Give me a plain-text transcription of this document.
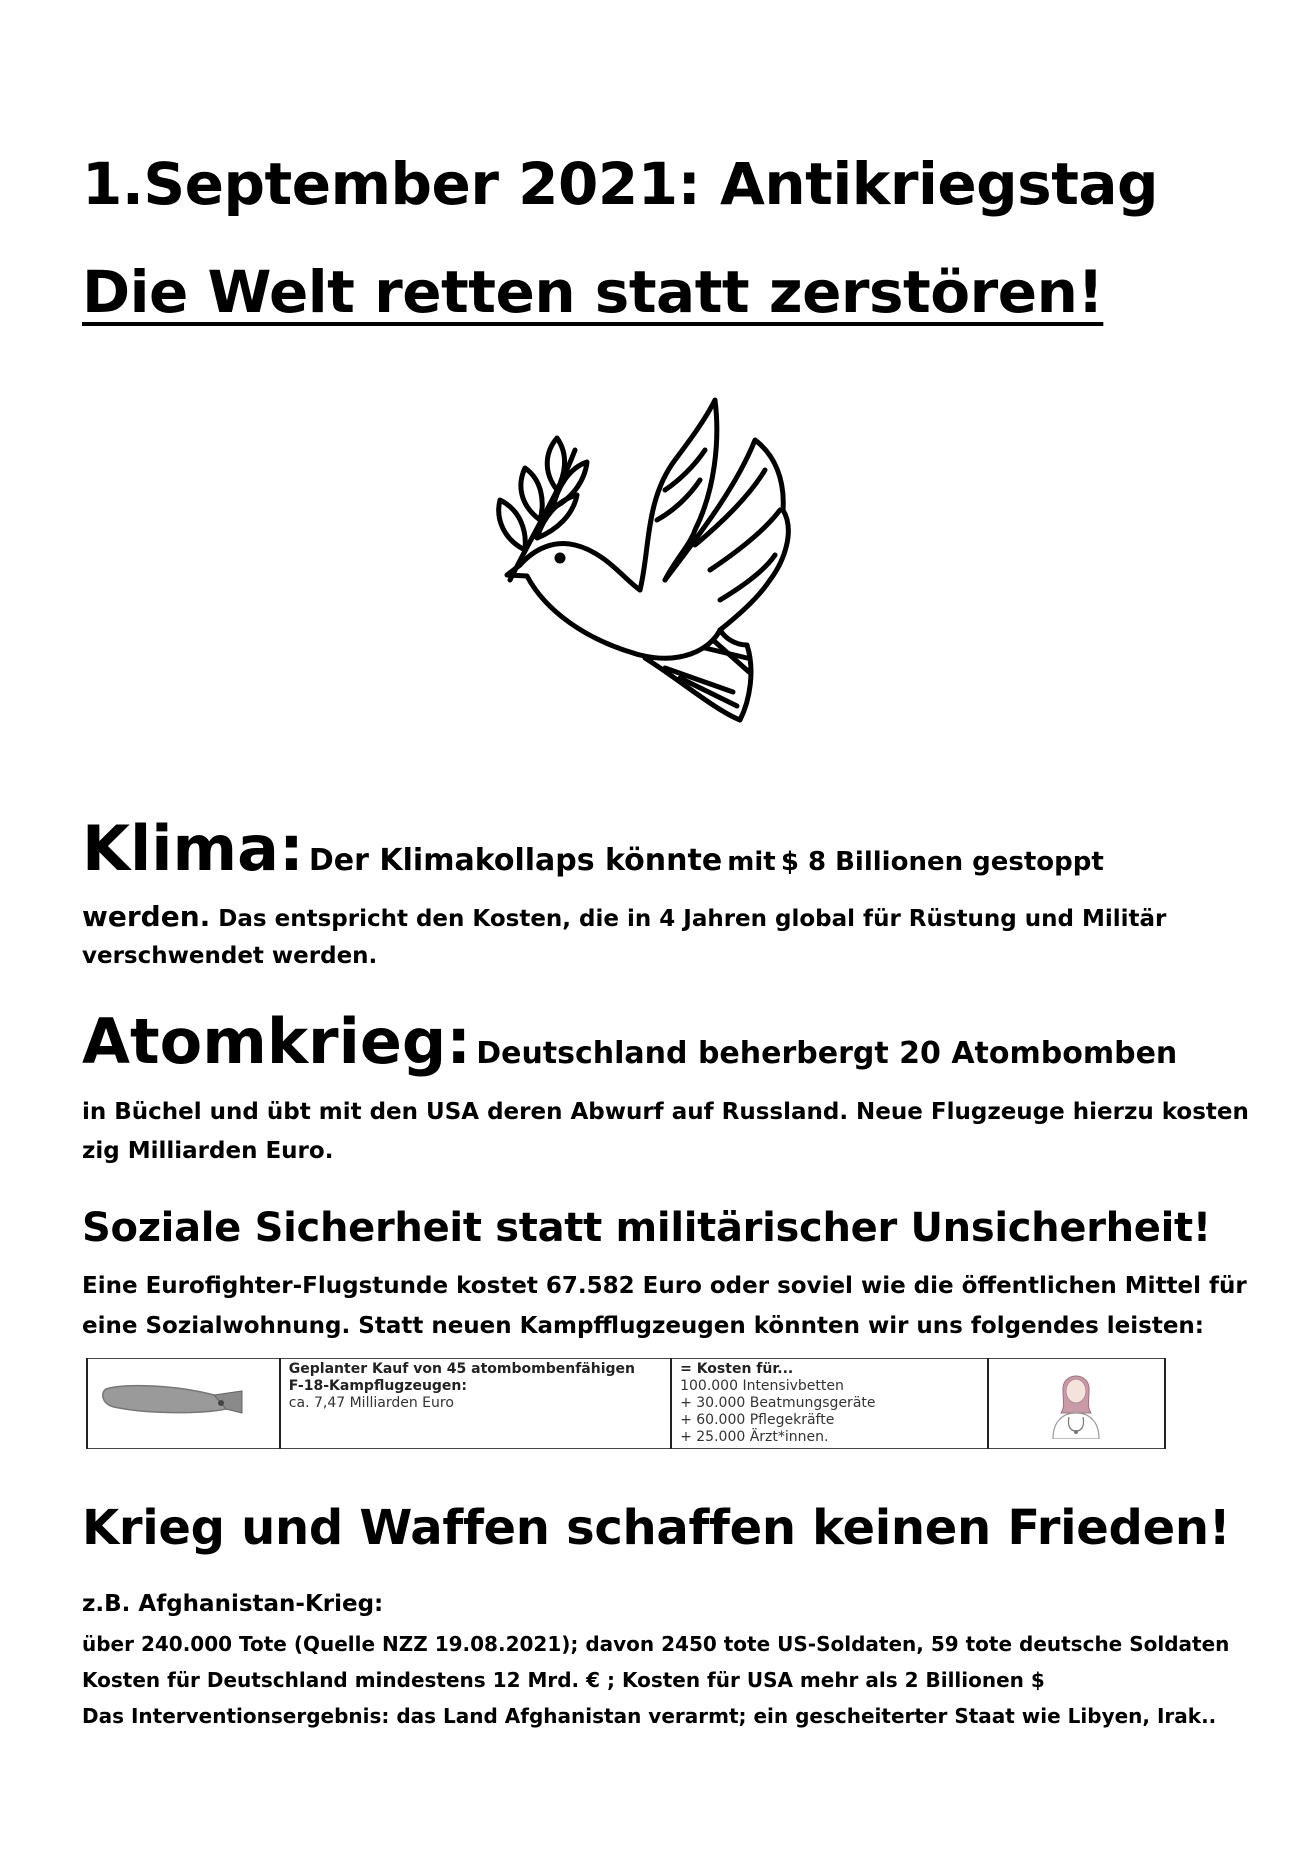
1.September 2021: Antikriegstag
Die Welt retten statt zerstören!
Klima: Der Klimakollaps könnte mit $ 8 Billionen gestoppt
werden. Das entspricht den Kosten, die in 4 Jahren global für Rüstung und Militär
verschwendet werden.
Atomkrieg: Deutschland beherbergt 20 Atombomben
in Büchel und übt mit den USA deren Abwurf auf Russland. Neue Flugzeuge hierzu kosten
zig Milliarden Euro.
Soziale Sicherheit statt militärischer Unsicherheit!
Eine Eurofighter-Flugstunde kostet 67.582 Euro oder soviel wie die öffentlichen Mittel für
eine Sozialwohnung. Statt neuen Kampfflugzeugen könnten wir uns folgendes leisten:

Geplanter Kauf von 45 atombombenfähigen
F-18-Kampflugzeugen:
ca. 7,47 Milliarden Euro

= Kosten für...
100.000 Intensivbetten
+ 30.000 Beatmungsgeräte
+ 60.000 Pflegekräfte
+ 25.000 Ärzt*innen.

Krieg und Waffen schaffen keinen Frieden!
z.B. Afghanistan-Krieg:
über 240.000 Tote (Quelle NZZ 19.08.2021); davon 2450 tote US-Soldaten, 59 tote deutsche Soldaten
Kosten für Deutschland mindestens 12 Mrd. € ; Kosten für USA mehr als 2 Billionen $
Das Interventionsergebnis: das Land Afghanistan verarmt; ein gescheiterter Staat wie Libyen, Irak..
